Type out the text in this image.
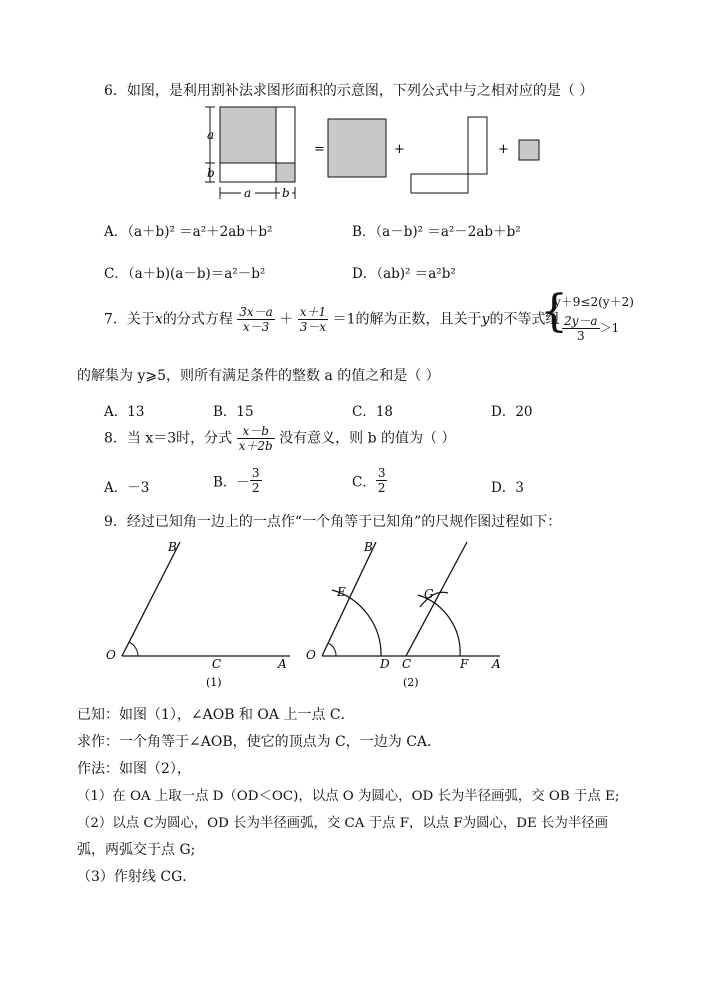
6．如图，是利用割补法求图形面积的示意图，下列公式中与之相对应的是（ ）
a
b
a	b
=	+	+
A．（a＋b)² ＝a²＋2ab＋b²	B．（a－b)² ＝a²－2ab＋b²
C．（a＋b)(a－b)＝a²－b²	D．（ab)² ＝a²b²
7．关于x的分式方程 $\frac{3x-a}{x-3} + \frac{x+1}{3-x} =1$的解为正数，且关于y的不等式组
{
y＋9≤2(y＋2)
$\frac{2y-a}{3} >1$
的解集为 y⩾5，则所有满足条件的整数 a 的值之和是（ ）
A．13	B．15	C．18	D．20
8．当 x＝3时，分式 $\frac{x-b}{x+2b}$ 没有意义，则 b 的值为（ ）
A．－3	B．－ $\frac{3}{2}$	C． $\frac{3}{2}$	D．3
9．经过已知角一边上的一点作“一个角等于已知角”的尺规作图过程如下：
B
O
C	A
(1)
B
E	G
O
D C	F A
(2)
已知：如图（1），∠AOB 和 OA 上一点 C．
求作：一个角等于∠AOB，使它的顶点为 C，一边为 CA．
作法：如图（2），
（1）在 OA 上取一点 D（OD＜OC)，以点 O 为圆心，OD 长为半径画弧，交 OB 于点 E;
（2）以点 C为圆心，OD 长为半径画弧，交 CA 于点 F，以点 F为圆心，DE 长为半径画
弧，两弧交于点 G;
（3）作射线 CG．
